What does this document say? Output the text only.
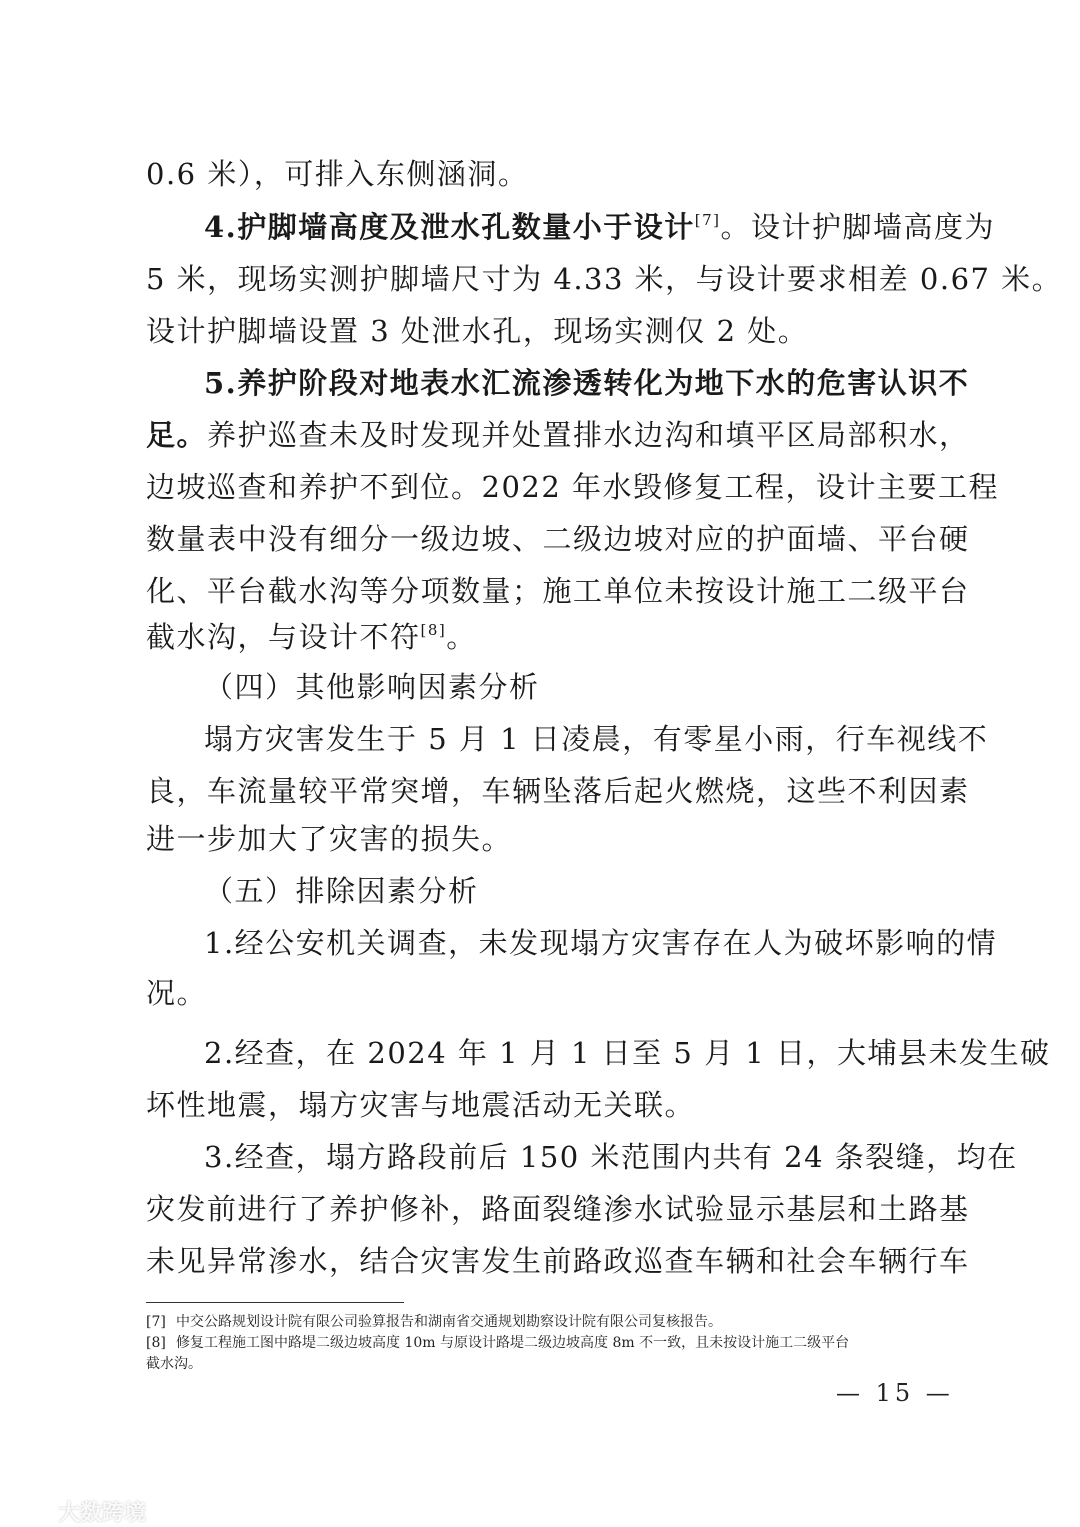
0.6 米），可排入东侧涵洞。
4.护脚墙高度及泄水孔数量小于设计[7]。设计护脚墙高度为
5 米，现场实测护脚墙尺寸为 4.33 米，与设计要求相差 0.67 米。
设计护脚墙设置 3 处泄水孔，现场实测仅 2 处。
5.养护阶段对地表水汇流渗透转化为地下水的危害认识不
足。养护巡查未及时发现并处置排水边沟和填平区局部积水，
边坡巡查和养护不到位。2022 年水毁修复工程，设计主要工程
数量表中没有细分一级边坡、二级边坡对应的护面墙、平台硬
化、平台截水沟等分项数量；施工单位未按设计施工二级平台
截水沟，与设计不符[8]。
（四）其他影响因素分析
塌方灾害发生于 5 月 1 日凌晨，有零星小雨，行车视线不
良，车流量较平常突增，车辆坠落后起火燃烧，这些不利因素
进一步加大了灾害的损失。
（五）排除因素分析
1.经公安机关调查，未发现塌方灾害存在人为破坏影响的情
况。
2.经查，在 2024 年 1 月 1 日至 5 月 1 日，大埔县未发生破
坏性地震，塌方灾害与地震活动无关联。
3.经查，塌方路段前后 150 米范围内共有 24 条裂缝，均在
灾发前进行了养护修补，路面裂缝渗水试验显示基层和土路基
未见异常渗水，结合灾害发生前路政巡查车辆和社会车辆行车
[7] 中交公路规划设计院有限公司验算报告和湖南省交通规划勘察设计院有限公司复核报告。
[8] 修复工程施工图中路堤二级边坡高度 10m 与原设计路堤二级边坡高度 8m 不一致，且未按设计施工二级平台
截水沟。
— 15 —
大数跨境
